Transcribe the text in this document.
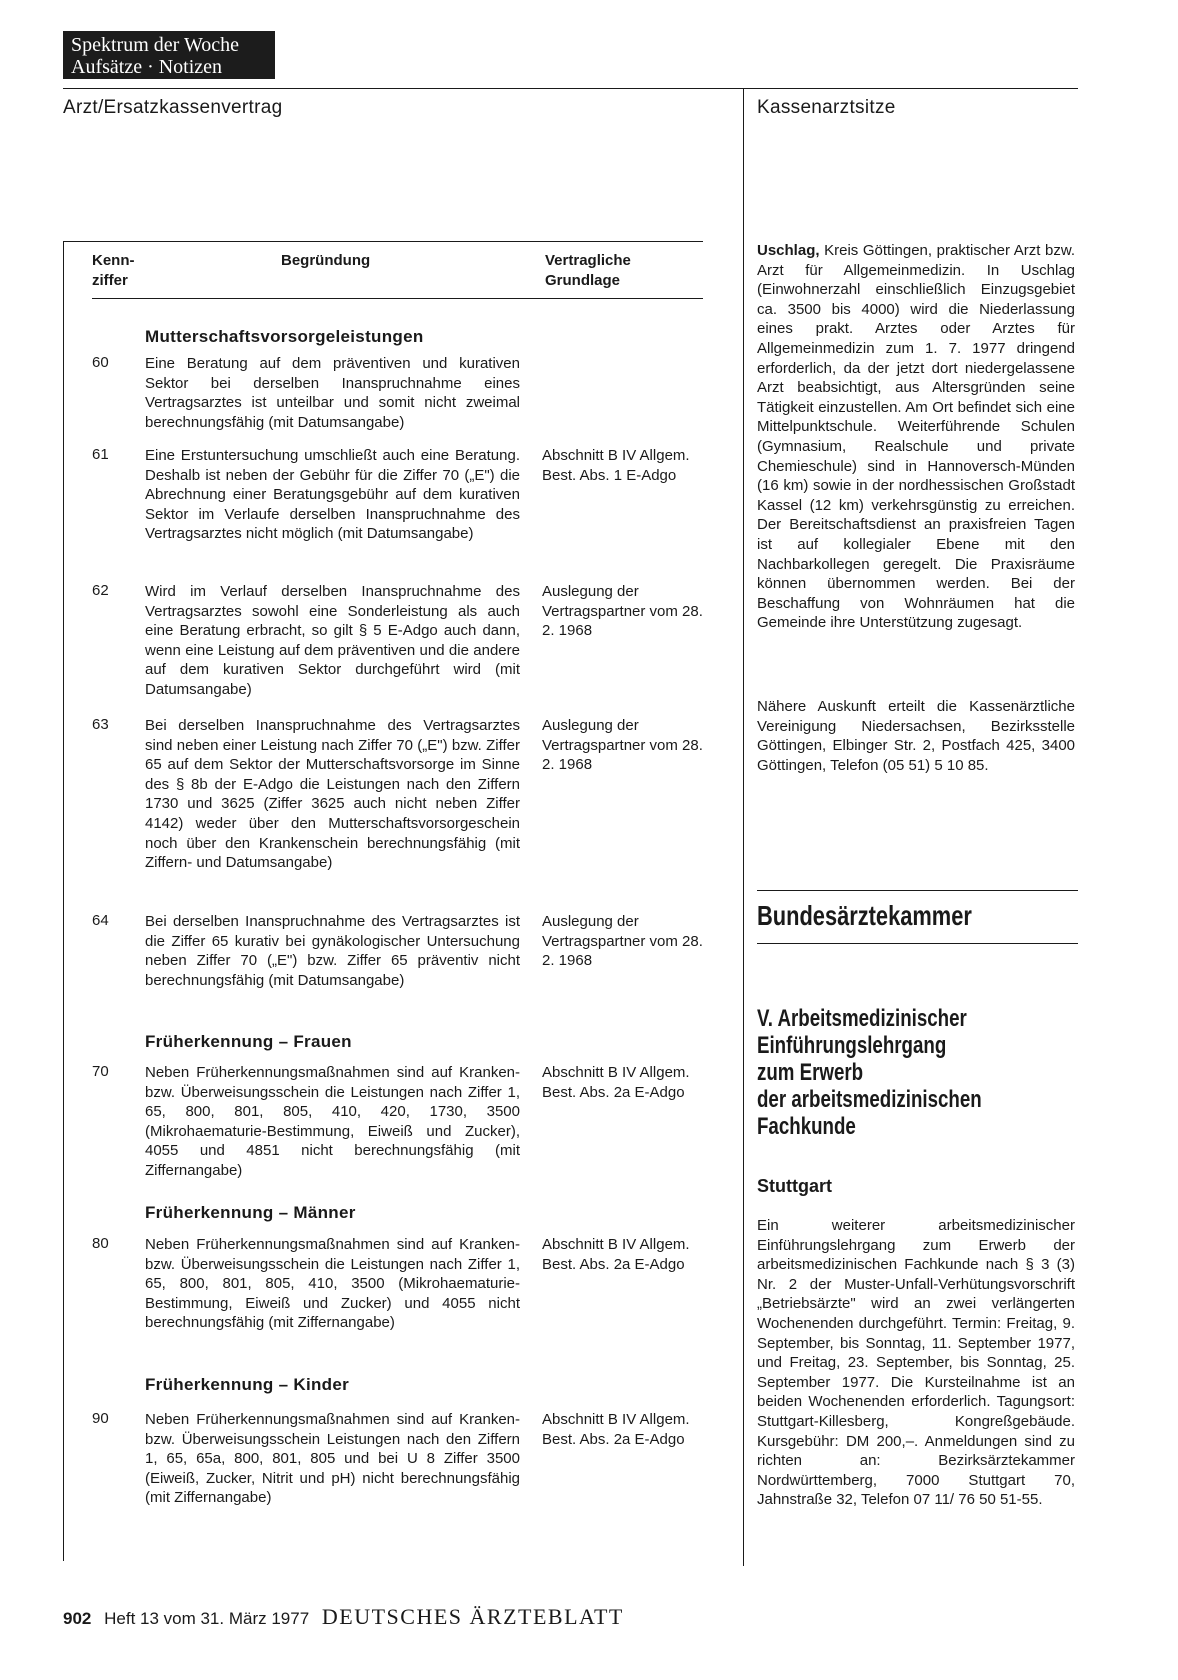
Spektrum der Woche
Aufsätze · Notizen
Arzt/Ersatzkassenvertrag	Kassenarztsitze
Kenn- ziffer
Begründung	Vertragliche Grundlage
Mutterschaftsvorsorgeleistungen
60 Eine Beratung auf dem präventiven und kurativen Sektor bei derselben Inanspruchnahme eines Vertragsarztes ist unteilbar und somit nicht zweimal berechnungsfähig (mit Datumsangabe)
61 Eine Erstuntersuchung umschließt auch eine Beratung. Deshalb ist neben der Gebühr für die Ziffer 70 („E") die Abrechnung einer Beratungsgebühr auf dem kurativen Sektor im Verlaufe derselben Inanspruchnahme des Vertragsarztes nicht möglich (mit Datumsangabe)
Abschnitt B IV Allgem. Best. Abs. 1 E-Adgo
62 Wird im Verlauf derselben Inanspruchnahme des Vertragsarztes sowohl eine Sonderleistung als auch eine Beratung erbracht, so gilt § 5 E-Adgo auch dann, wenn eine Leistung auf dem präventiven und die andere auf dem kurativen Sektor durchgeführt wird (mit Datumsangabe)
Auslegung der Vertragspartner vom 28. 2. 1968
63 Bei derselben Inanspruchnahme des Vertragsarztes sind neben einer Leistung nach Ziffer 70 („E") bzw. Ziffer 65 auf dem Sektor der Mutterschaftsvorsorge im Sinne des § 8b der E-Adgo die Leistungen nach den Ziffern 1730 und 3625 (Ziffer 3625 auch nicht neben Ziffer 4142) weder über den Mutterschaftsvorsorgeschein noch über den Krankenschein berechnungsfähig (mit Ziffern- und Datumsangabe)
Auslegung der Vertragspartner vom 28. 2. 1968
64 Bei derselben Inanspruchnahme des Vertragsarztes ist die Ziffer 65 kurativ bei gynäkologischer Untersuchung neben Ziffer 70 („E") bzw. Ziffer 65 präventiv nicht berechnungsfähig (mit Datumsangabe)
Auslegung der Vertragspartner vom 28. 2. 1968
Früherkennung – Frauen
70 Neben Früherkennungsmaßnahmen sind auf Kranken- bzw. Überweisungsschein die Leistungen nach Ziffer 1, 65, 800, 801, 805, 410, 420, 1730, 3500 (Mikrohaematurie-Bestimmung, Eiweiß und Zucker), 4055 und 4851 nicht berechnungsfähig (mit Ziffernangabe)
Abschnitt B IV Allgem. Best. Abs. 2a E-Adgo
Früherkennung – Männer
80 Neben Früherkennungsmaßnahmen sind auf Kranken- bzw. Überweisungsschein die Leistungen nach Ziffer 1, 65, 800, 801, 805, 410, 3500 (Mikrohaematurie-Bestimmung, Eiweiß und Zucker) und 4055 nicht berechnungsfähig (mit Ziffernangabe)
Abschnitt B IV Allgem. Best. Abs. 2a E-Adgo
Früherkennung – Kinder
90 Neben Früherkennungsmaßnahmen sind auf Kranken- bzw. Überweisungsschein Leistungen nach den Ziffern 1, 65, 65a, 800, 801, 805 und bei U 8 Ziffer 3500 (Eiweiß, Zucker, Nitrit und pH) nicht berechnungsfähig (mit Ziffernangabe)
Abschnitt B IV Allgem. Best. Abs. 2a E-Adgo
Uschlag, Kreis Göttingen, praktischer Arzt bzw. Arzt für Allgemeinmedizin. In Uschlag (Einwohnerzahl einschließlich Einzugsgebiet ca. 3500 bis 4000) wird die Niederlassung eines prakt. Arztes oder Arztes für Allgemeinmedizin zum 1. 7. 1977 dringend erforderlich, da der jetzt dort niedergelassene Arzt beabsichtigt, aus Altersgründen seine Tätigkeit einzustellen. Am Ort befindet sich eine Mittelpunktschule. Weiterführende Schulen (Gymnasium, Realschule und private Chemieschule) sind in Hannoversch-Münden (16 km) sowie in der nordhessischen Großstadt Kassel (12 km) verkehrsgünstig zu erreichen. Der Bereitschaftsdienst an praxisfreien Tagen ist auf kollegialer Ebene mit den Nachbarkollegen geregelt. Die Praxisräume können übernommen werden. Bei der Beschaffung von Wohnräumen hat die Gemeinde ihre Unterstützung zugesagt.
Nähere Auskunft erteilt die Kassenärztliche Vereinigung Niedersachsen, Bezirksstelle Göttingen, Elbinger Str. 2, Postfach 425, 3400 Göttingen, Telefon (05 51) 5 10 85.
Bundesärztekammer
V. Arbeitsmedizinischer
Einführungslehrgang
zum Erwerb
der arbeitsmedizinischen
Fachkunde
Stuttgart
Ein weiterer arbeitsmedizinischer Einführungslehrgang zum Erwerb der arbeitsmedizinischen Fachkunde nach § 3 (3) Nr. 2 der Muster-Unfall-Verhütungsvorschrift „Betriebsärzte" wird an zwei verlängerten Wochenenden durchgeführt. Termin: Freitag, 9. September, bis Sonntag, 11. September 1977, und Freitag, 23. September, bis Sonntag, 25. September 1977. Die Kursteilnahme ist an beiden Wochenenden erforderlich. Tagungsort: Stuttgart-Killesberg, Kongreßgebäude. Kursgebühr: DM 200,–. Anmeldungen sind zu richten an: Bezirksärztekammer Nordwürttemberg, 7000 Stuttgart 70, Jahnstraße 32, Telefon 07 11/ 76 50 51-55.
902 Heft 13 vom 31. März 1977 DEUTSCHES ÄRZTEBLATT
